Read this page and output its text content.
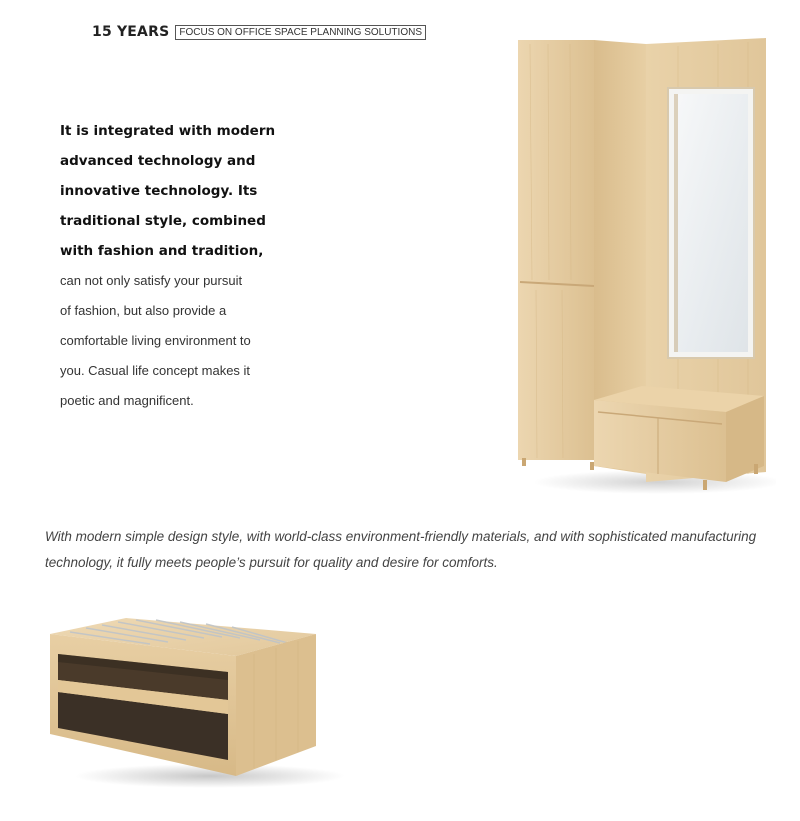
15 YEARS	FOCUS ON OFFICE SPACE PLANNING SOLUTIONS
It is integrated with modern
advanced technology and
innovative technology. Its
traditional style, combined
with fashion and tradition,
can not only satisfy your pursuit
of fashion, but also provide a
comfortable living environment to
you. Casual life concept makes it
poetic and magnificent.
With modern simple design style, with world-class environment-friendly materials, and with sophisticated manufacturing
technology, it fully meets people’s pursuit for quality and desire for comforts.
